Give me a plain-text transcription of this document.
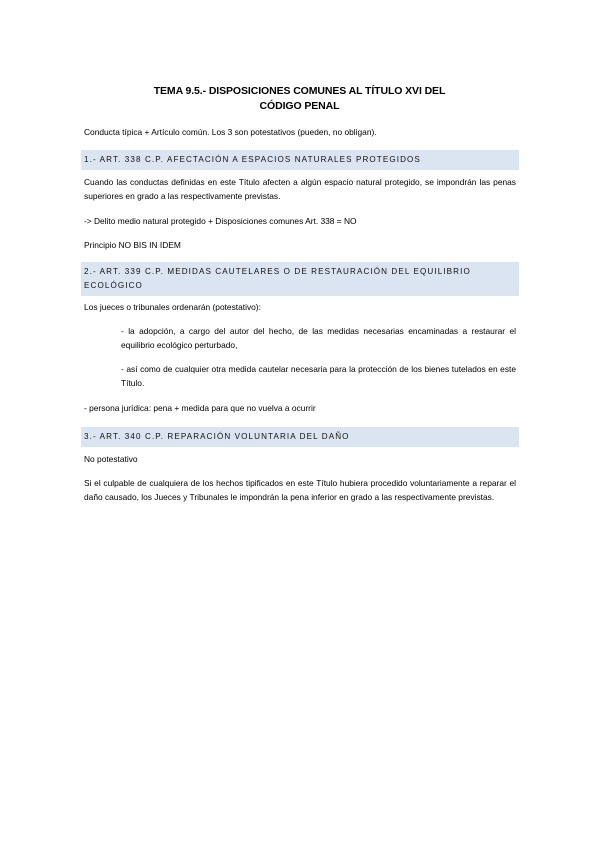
TEMA 9.5.- DISPOSICIONES COMUNES AL TÍTULO XVI DEL
CÓDIGO PENAL
Conducta típica + Artículo común. Los 3 son potestativos (pueden, no obligan).
1.- ART. 338 C.P. AFECTACIÓN A ESPACIOS NATURALES PROTEGIDOS
Cuando las conductas definidas en este Título afecten a algún espacio natural protegido, se impondrán las penas superiores en grado a las respectivamente previstas.
-> Delito medio natural protegido + Disposiciones comunes Art. 338 = NO
Principio NO BIS IN IDEM
2.- ART. 339 C.P. MEDIDAS CAUTELARES O DE RESTAURACIÓN DEL EQUILIBRIO
ECOLÓGICO
Los jueces o tribunales ordenarán (potestativo):
- la adopción, a cargo del autor del hecho, de las medidas necesarias encaminadas a restaurar el equilibrio ecológico perturbado,
- así como de cualquier otra medida cautelar necesaria para la protección de los bienes tutelados en este Título.
- persona jurídica: pena + medida para que no vuelva a ocurrir
3.- ART. 340 C.P. REPARACIÓN VOLUNTARIA DEL DAÑO
No potestativo
Si el culpable de cualquiera de los hechos tipificados en este Título hubiera procedido voluntariamente a reparar el daño causado, los Jueces y Tribunales le impondrán la pena inferior en grado a las respectivamente previstas.
